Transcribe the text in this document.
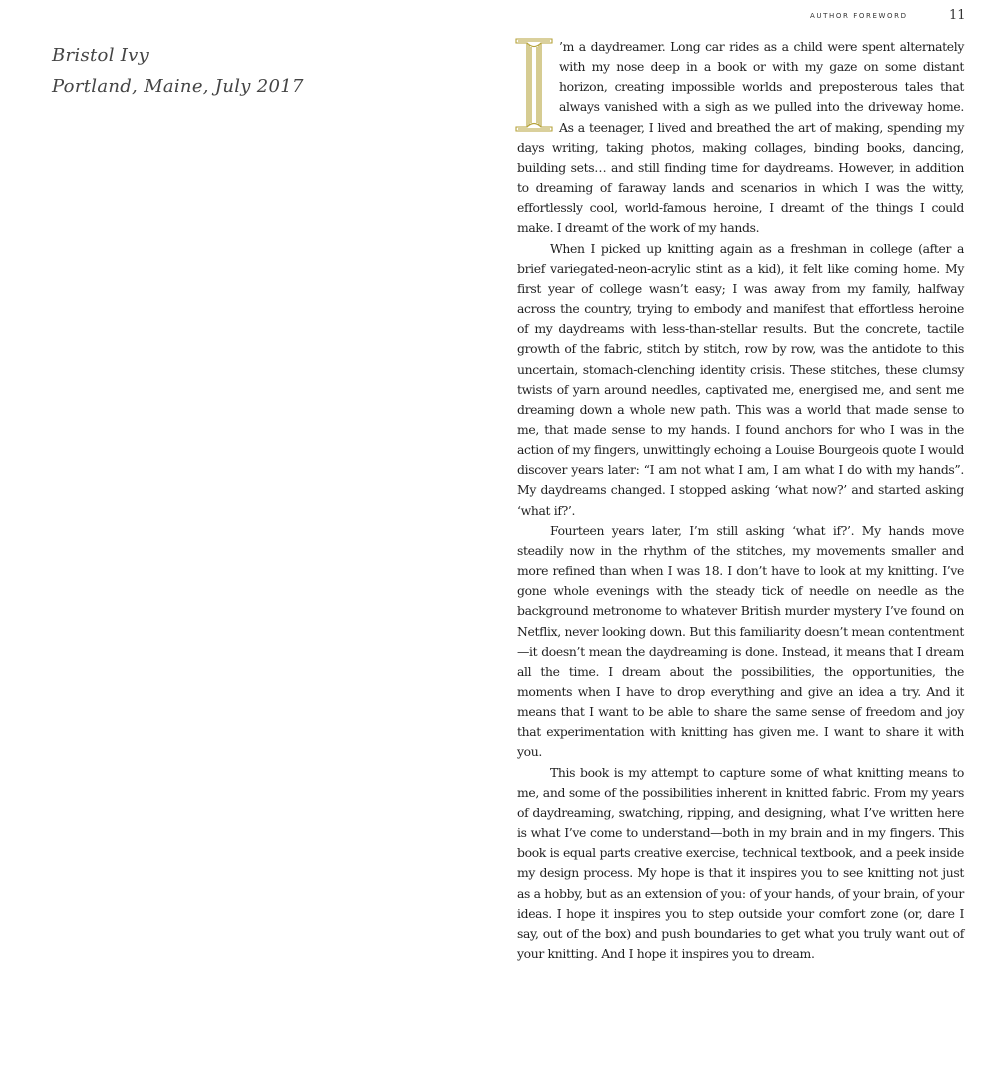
AUTHOR FOREWORD	11
Bristol Ivy
Portland, Maine, July 2017

’m a daydreamer. Long car rides as a child were spent alternately with my nose deep in a book or with my gaze on some distant horizon, creating impossible worlds and preposterous tales that always vanished with a sigh as we pulled into the driveway home. As a teenager, I lived and breathed the art of making, spending my days writing, taking photos, making collages, binding books, dancing, building sets… and still finding time for daydreams. However, in addition to dreaming of faraway lands and scenarios in which I was the witty, effortlessly cool, world-famous heroine, I dreamt of the things I could make. I dreamt of the work of my hands.

When I picked up knitting again as a freshman in college (after a brief variegated-neon-acrylic stint as a kid), it felt like coming home. My first year of college wasn’t easy; I was away from my family, halfway across the country, trying to embody and manifest that effortless heroine of my daydreams with less-than-stellar results. But the concrete, tactile growth of the fabric, stitch by stitch, row by row, was the antidote to this uncertain, stomach-clenching identity crisis. These stitches, these clumsy twists of yarn around needles, captivated me, energised me, and sent me dreaming down a whole new path. This was a world that made sense to me, that made sense to my hands. I found anchors for who I was in the action of my fingers, unwittingly echoing a Louise Bourgeois quote I would discover years later: “I am not what I am, I am what I do with my hands”. My daydreams changed. I stopped asking ‘what now?’ and started asking ‘what if?’.

Fourteen years later, I’m still asking ‘what if?’. My hands move steadily now in the rhythm of the stitches, my movements smaller and more refined than when I was 18. I don’t have to look at my knitting. I’ve gone whole evenings with the steady tick of needle on needle as the background metronome to whatever British murder mystery I’ve found on Netflix, never looking down. But this familiarity doesn’t mean contentment—it doesn’t mean the daydreaming is done. Instead, it means that I dream all the time. I dream about the possibilities, the opportunities, the moments when I have to drop everything and give an idea a try. And it means that I want to be able to share the same sense of freedom and joy that experimentation with knitting has given me. I want to share it with you.

This book is my attempt to capture some of what knitting means to me, and some of the possibilities inherent in knitted fabric. From my years of daydreaming, swatching, ripping, and designing, what I’ve written here is what I’ve come to understand—both in my brain and in my fingers. This book is equal parts creative exercise, technical textbook, and a peek inside my design process. My hope is that it inspires you to see knitting not just as a hobby, but as an extension of you: of your hands, of your brain, of your ideas. I hope it inspires you to step outside your comfort zone (or, dare I say, out of the box) and push boundaries to get what you truly want out of your knitting. And I hope it inspires you to dream.
